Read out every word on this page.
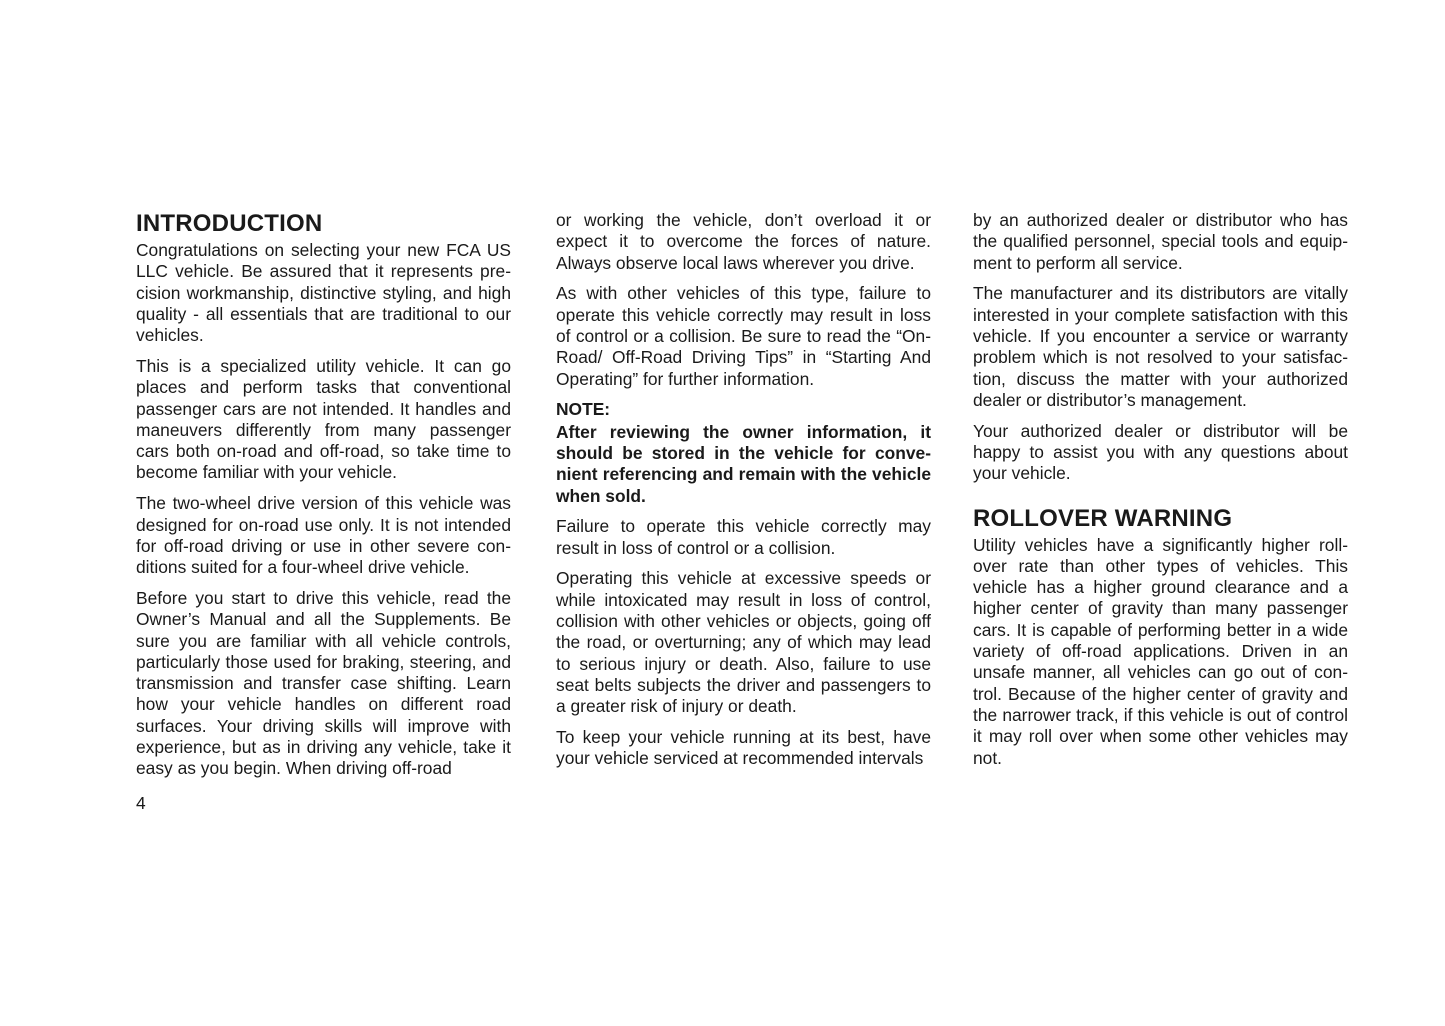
INTRODUCTION

Congratulations on selecting your new FCA US LLC vehicle. Be assured that it represents precision workmanship, distinctive styling, and high quality - all essentials that are traditional to our vehicles.

This is a specialized utility vehicle. It can go places and perform tasks that conventional passenger cars are not intended. It handles and maneuvers differently from many passenger cars both on-road and off-road, so take time to become familiar with your vehicle.

The two-wheel drive version of this vehicle was designed for on-road use only. It is not intended for off-road driving or use in other severe conditions suited for a four-wheel drive vehicle.

Before you start to drive this vehicle, read the Owner’s Manual and all the Supplements. Be sure you are familiar with all vehicle controls, particularly those used for braking, steering, and transmission and transfer case shifting. Learn how your vehicle handles on different road surfaces. Your driving skills will improve with experience, but as in driving any vehicle, take it easy as you begin. When driving off-road

or working the vehicle, don’t overload it or expect it to overcome the forces of nature. Always observe local laws wherever you drive.

As with other vehicles of this type, failure to operate this vehicle correctly may result in loss of control or a collision. Be sure to read the “On-Road/ Off-Road Driving Tips” in “Starting And Operating” for further information.

NOTE:

After reviewing the owner information, it should be stored in the vehicle for convenient referencing and remain with the vehicle when sold.

Failure to operate this vehicle correctly may result in loss of control or a collision.

Operating this vehicle at excessive speeds or while intoxicated may result in loss of control, collision with other vehicles or objects, going off the road, or overturning; any of which may lead to serious injury or death. Also, failure to use seat belts subjects the driver and passengers to a greater risk of injury or death.

To keep your vehicle running at its best, have your vehicle serviced at recommended intervals

by an authorized dealer or distributor who has the qualified personnel, special tools and equipment to perform all service.

The manufacturer and its distributors are vitally interested in your complete satisfaction with this vehicle. If you encounter a service or warranty problem which is not resolved to your satisfaction, discuss the matter with your authorized dealer or distributor’s management.

Your authorized dealer or distributor will be happy to assist you with any questions about your vehicle.

ROLLOVER WARNING

Utility vehicles have a significantly higher rollover rate than other types of vehicles. This vehicle has a higher ground clearance and a higher center of gravity than many passenger cars. It is capable of performing better in a wide variety of off-road applications. Driven in an unsafe manner, all vehicles can go out of control. Because of the higher center of gravity and the narrower track, if this vehicle is out of control it may roll over when some other vehicles may not.

4
